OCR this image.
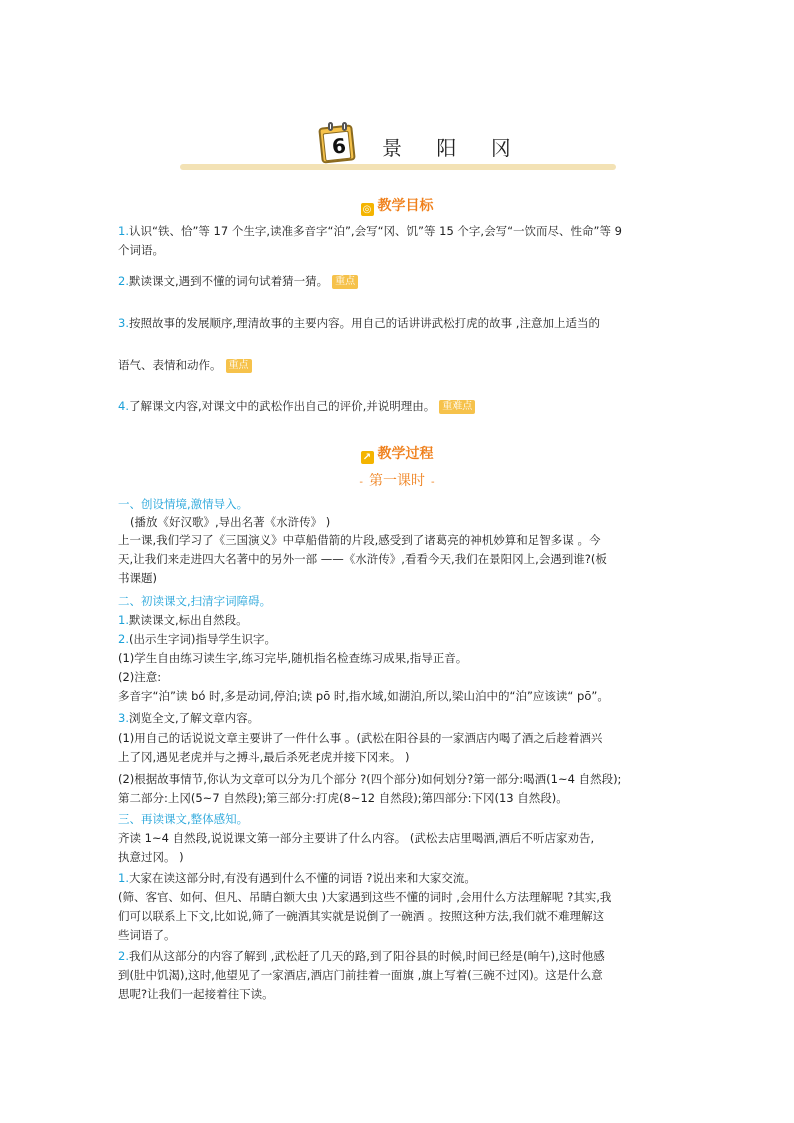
6 景 阳 冈
◎ 教学目标
1.认识“铁、恰”等 17 个生字,读准多音字“泊”,会写“冈、饥”等 15 个字,会写“一饮而尽、性命”等 9
个词语。
2.默读课文,遇到不懂的词句试着猜一猜。 重点
3.按照故事的发展顺序,理清故事的主要内容。用自己的话讲讲武松打虎的故事 ,注意加上适当的
语气、表情和动作。 重点
4.了解课文内容,对课文中的武松作出自己的评价,并说明理由。 重难点
↗ 教学过程
- 第一课时 -
一、创设情境,激情导入。
(播放《好汉歌》,导出名著《水浒传》 )
上一课,我们学习了《三国演义》中草船借箭的片段,感受到了诸葛亮的神机妙算和足智多谋 。今
天,让我们来走进四大名著中的另外一部 ——《水浒传》,看看今天,我们在景阳冈上,会遇到谁?(板
书课题)
二、初读课文,扫清字词障碍。
1.默读课文,标出自然段。
2.(出示生字词)指导学生识字。
(1)学生自由练习读生字,练习完毕,随机指名检查练习成果,指导正音。
(2)注意:
多音字“泊”读 bó 时,多是动词,停泊;读 pō 时,指水域,如湖泊,所以,梁山泊中的“泊”应该读“ pō”。
3.浏览全文,了解文章内容。
(1)用自己的话说说文章主要讲了一件什么事 。(武松在阳谷县的一家酒店内喝了酒之后趁着酒兴
上了冈,遇见老虎并与之搏斗,最后杀死老虎并接下冈来。 )
(2)根据故事情节,你认为文章可以分为几个部分 ?(四个部分)如何划分?第一部分:喝酒(1~4 自然段);
第二部分:上冈(5~7 自然段);第三部分:打虎(8~12 自然段);第四部分:下冈(13 自然段)。
三、再读课文,整体感知。
齐读 1~4 自然段,说说课文第一部分主要讲了什么内容。 (武松去店里喝酒,酒后不听店家劝告,
执意过冈。 )
1.大家在读这部分时,有没有遇到什么不懂的词语 ?说出来和大家交流。
(筛、客官、如何、但凡、吊睛白额大虫 )大家遇到这些不懂的词时 ,会用什么方法理解呢 ?其实,我
们可以联系上下文,比如说,筛了一碗酒其实就是说倒了一碗酒 。按照这种方法,我们就不难理解这
些词语了。
2.我们从这部分的内容了解到 ,武松赶了几天的路,到了阳谷县的时候,时间已经是(晌午),这时他感
到(肚中饥渴),这时,他望见了一家酒店,酒店门前挂着一面旗 ,旗上写着(三碗不过冈)。这是什么意
思呢?让我们一起接着往下读。
